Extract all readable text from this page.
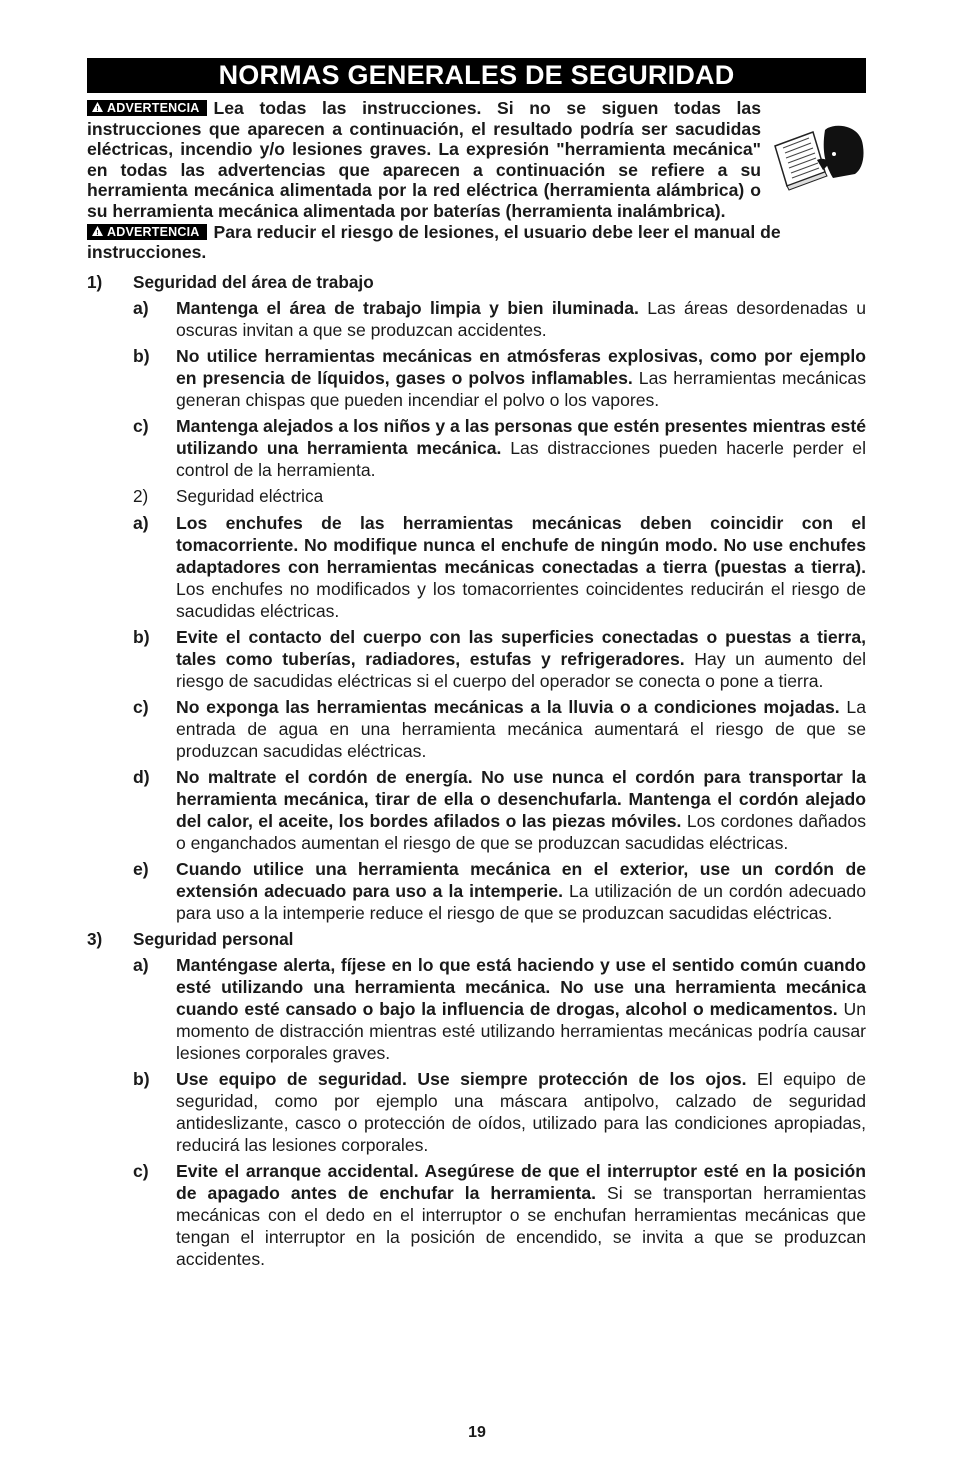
NORMAS GENERALES DE SEGURIDAD
! ADVERTENCIA Lea todas las instrucciones. Si no se siguen todas las instrucciones que aparecen a continuación, el resultado podría ser sacudidas eléctricas, incendio y/o lesiones graves. La expresión "herramienta mecánica" en todas las advertencias que aparecen a continuación se refiere a su herramienta mecánica alimentada por la red eléctrica (herramienta alámbrica) o su herramienta mecánica alimentada por baterías (herramienta inalámbrica).
! ADVERTENCIA Para reducir el riesgo de lesiones, el usuario debe leer el manual de instrucciones.
1)	Seguridad del área de trabajo
a)	Mantenga el área de trabajo limpia y bien iluminada. Las áreas desordenadas u oscuras invitan a que se produzcan accidentes.
b)	No utilice herramientas mecánicas en atmósferas explosivas, como por ejemplo en presencia de líquidos, gases o polvos inflamables. Las herramientas mecánicas generan chispas que pueden incendiar el polvo o los vapores.
c)	Mantenga alejados a los niños y a las personas que estén presentes mientras esté utilizando una herramienta mecánica. Las distracciones pueden hacerle perder el control de la herramienta.
2)	Seguridad eléctrica
a)	Los enchufes de las herramientas mecánicas deben coincidir con el tomacorriente. No modifique nunca el enchufe de ningún modo. No use enchufes adaptadores con herramientas mecánicas conectadas a tierra (puestas a tierra). Los enchufes no modificados y los tomacorrientes coincidentes reducirán el riesgo de sacudidas eléctricas.
b)	Evite el contacto del cuerpo con las superficies conectadas o puestas a tierra, tales como tuberías, radiadores, estufas y refrigeradores. Hay un aumento del riesgo de sacudidas eléctricas si el cuerpo del operador se conecta o pone a tierra.
c)	No exponga las herramientas mecánicas a la lluvia o a condiciones mojadas. La entrada de agua en una herramienta mecánica aumentará el riesgo de que se produzcan sacudidas eléctricas.
d)	No maltrate el cordón de energía. No use nunca el cordón para transportar la herramienta mecánica, tirar de ella o desenchufarla. Mantenga el cordón alejado del calor, el aceite, los bordes afilados o las piezas móviles. Los cordones dañados o enganchados aumentan el riesgo de que se produzcan sacudidas eléctricas.
e)	Cuando utilice una herramienta mecánica en el exterior, use un cordón de extensión adecuado para uso a la intemperie. La utilización de un cordón adecuado para uso a la intemperie reduce el riesgo de que se produzcan sacudidas eléctricas.
3)	Seguridad personal
a)	Manténgase alerta, fíjese en lo que está haciendo y use el sentido común cuando esté utilizando una herramienta mecánica. No use una herramienta mecánica cuando esté cansado o bajo la influencia de drogas, alcohol o medicamentos. Un momento de distracción mientras esté utilizando herramientas mecánicas podría causar lesiones corporales graves.
b)	Use equipo de seguridad. Use siempre protección de los ojos. El equipo de seguridad, como por ejemplo una máscara antipolvo, calzado de seguridad antideslizante, casco o protección de oídos, utilizado para las condiciones apropiadas, reducirá las lesiones corporales.
c)	Evite el arranque accidental. Asegúrese de que el interruptor esté en la posición de apagado antes de enchufar la herramienta. Si se transportan herramientas mecánicas con el dedo en el interruptor o se enchufan herramientas mecánicas que tengan el interruptor en la posición de encendido, se invita a que se produzcan accidentes.
19
